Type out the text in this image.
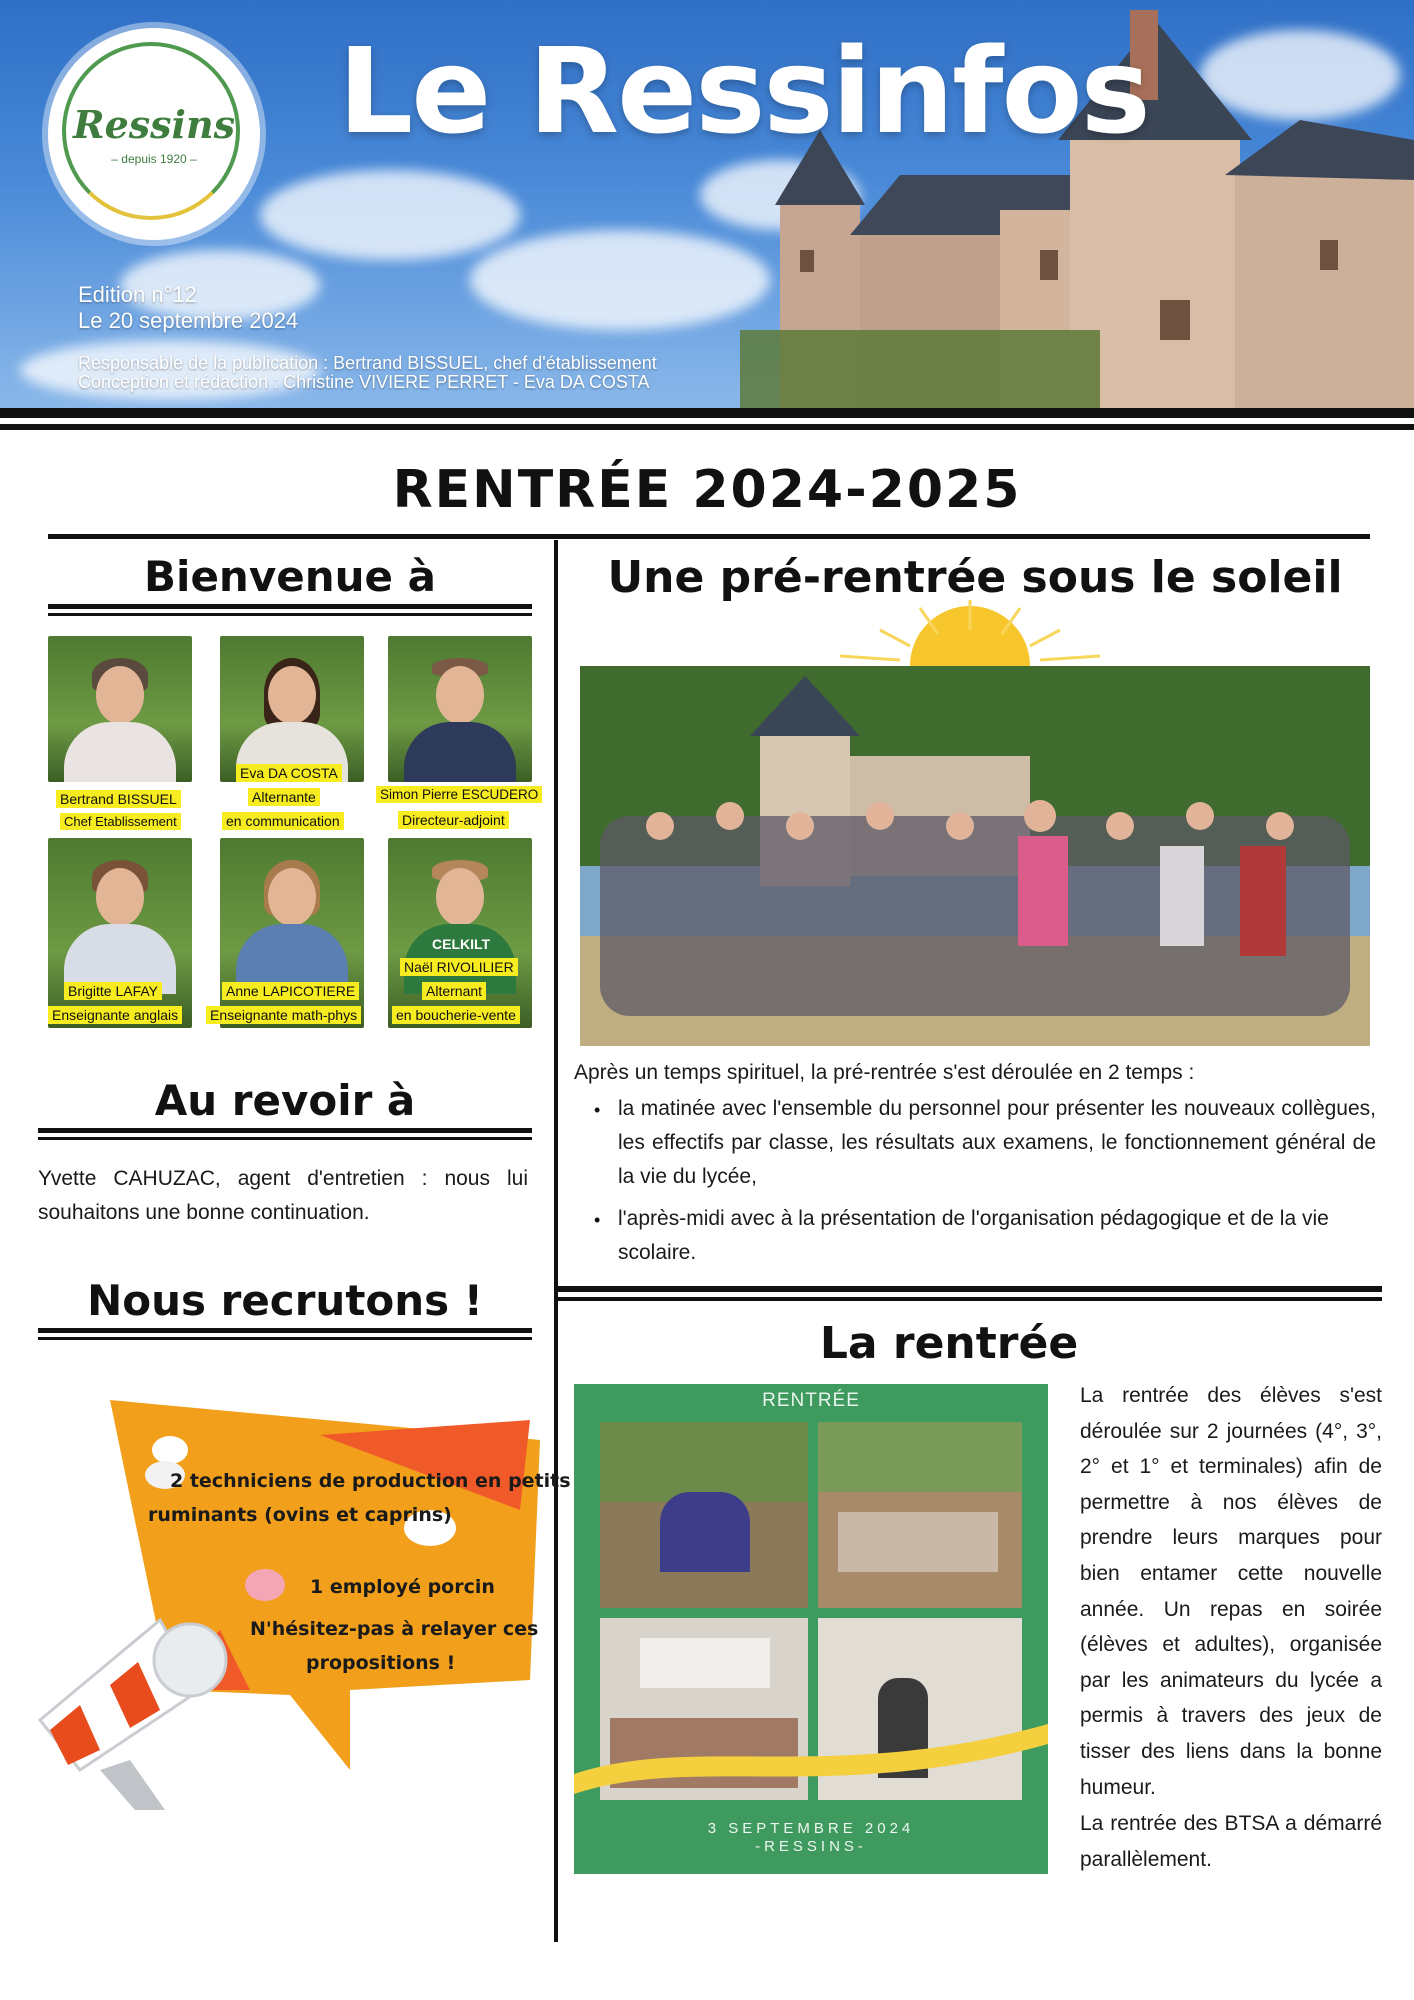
Ressins
– depuis 1920 –	Le Ressinfos
Edition n°12
Le 20 septembre 2024
Responsable de la publication : Bertrand BISSUEL, chef d'établissement
Conception et rédaction : Christine VIVIERE PERRET - Eva DA COSTA
RENTRÉE 2024-2025
Bienvenue à
Bertrand BISSUEL
Chef Etablissement
Eva DA COSTA
Alternante
en communication
Simon Pierre ESCUDERO
Directeur-adjoint
Brigitte LAFAY
Enseignante anglais
Anne LAPICOTIERE
Enseignante math-phys
CELKILT
Naël RIVOLILIER
Alternant
en boucherie-vente
Au revoir à
Yvette CAHUZAC, agent d'entretien : nous lui souhaitons une bonne continuation.
Nous recrutons !
2 techniciens de production en petits
ruminants (ovins et caprins)
1 employé porcin
N'hésitez-pas à relayer ces
propositions !
Une pré-rentrée sous le soleil
Après un temps spirituel, la pré-rentrée s'est déroulée en 2 temps :
• la matinée avec l'ensemble du personnel pour présenter les nouveaux collègues, les effectifs par classe, les résultats aux examens, le fonctionnement général de la vie du lycée,
• l'après-midi avec à la présentation de l'organisation pédagogique et de la vie scolaire.
La rentrée
RENTRÉE
3 SEPTEMBRE 2024
-RESSINS-
La rentrée des élèves s'est déroulée sur 2 journées (4°, 3°, 2° et 1° et terminales) afin de permettre à nos élèves de prendre leurs marques pour bien entamer cette nouvelle année. Un repas en soirée (élèves et adultes), organisée par les animateurs du lycée a permis à travers des jeux de tisser des liens dans la bonne humeur.
La rentrée des BTSA a démarré parallèlement.
